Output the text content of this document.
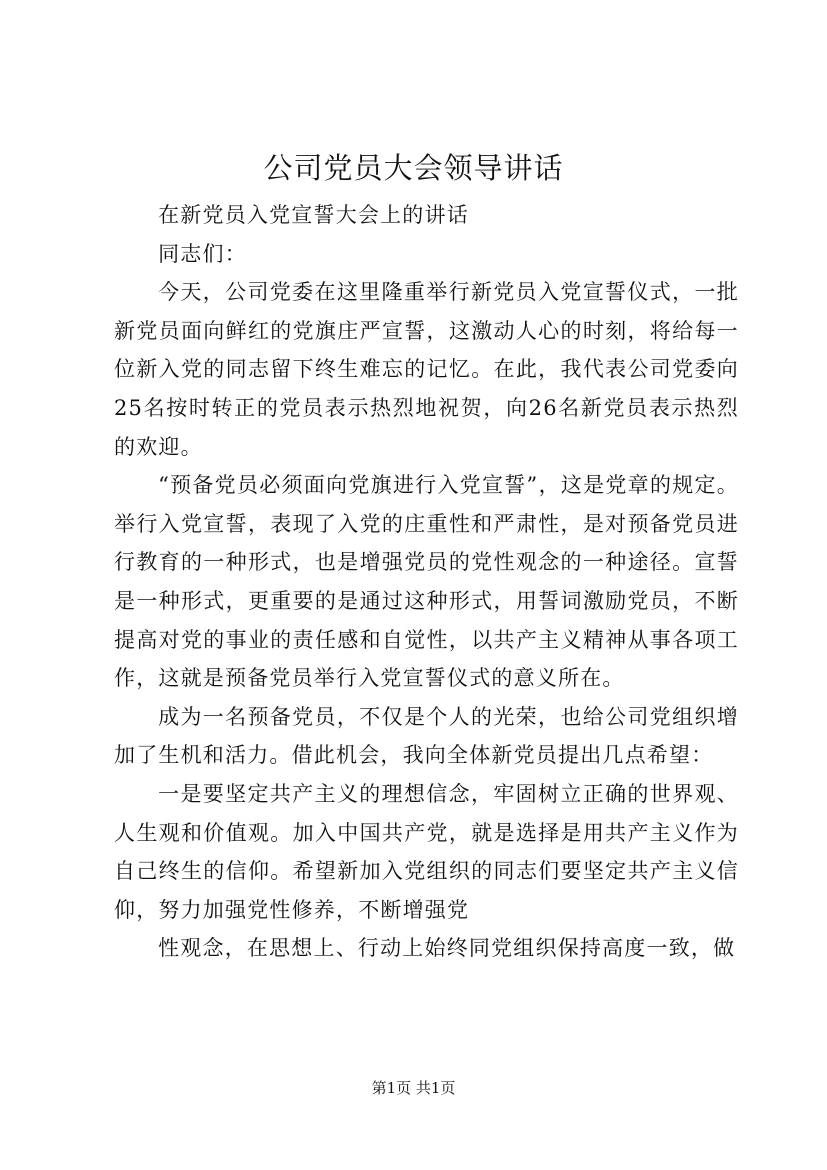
公司党员大会领导讲话

在新党员入党宣誓大会上的讲话

同志们：

今天，公司党委在这里隆重举行新党员入党宣誓仪式，一批新党员面向鲜红的党旗庄严宣誓，这激动人心的时刻，将给每一位新入党的同志留下终生难忘的记忆。在此，我代表公司党委向25名按时转正的党员表示热烈地祝贺，向26名新党员表示热烈的欢迎。

“预备党员必须面向党旗进行入党宣誓”，这是党章的规定。举行入党宣誓，表现了入党的庄重性和严肃性，是对预备党员进行教育的一种形式，也是增强党员的党性观念的一种途径。宣誓是一种形式，更重要的是通过这种形式，用誓词激励党员，不断提高对党的事业的责任感和自觉性，以共产主义精神从事各项工作，这就是预备党员举行入党宣誓仪式的意义所在。

成为一名预备党员，不仅是个人的光荣，也给公司党组织增加了生机和活力。借此机会，我向全体新党员提出几点希望：

一是要坚定共产主义的理想信念，牢固树立正确的世界观、人生观和价值观。加入中国共产党，就是选择是用共产主义作为自己终生的信仰。希望新加入党组织的同志们要坚定共产主义信仰，努力加强党性修养，不断增强党

性观念，在思想上、行动上始终同党组织保持高度一致，做

第1页 共1页
